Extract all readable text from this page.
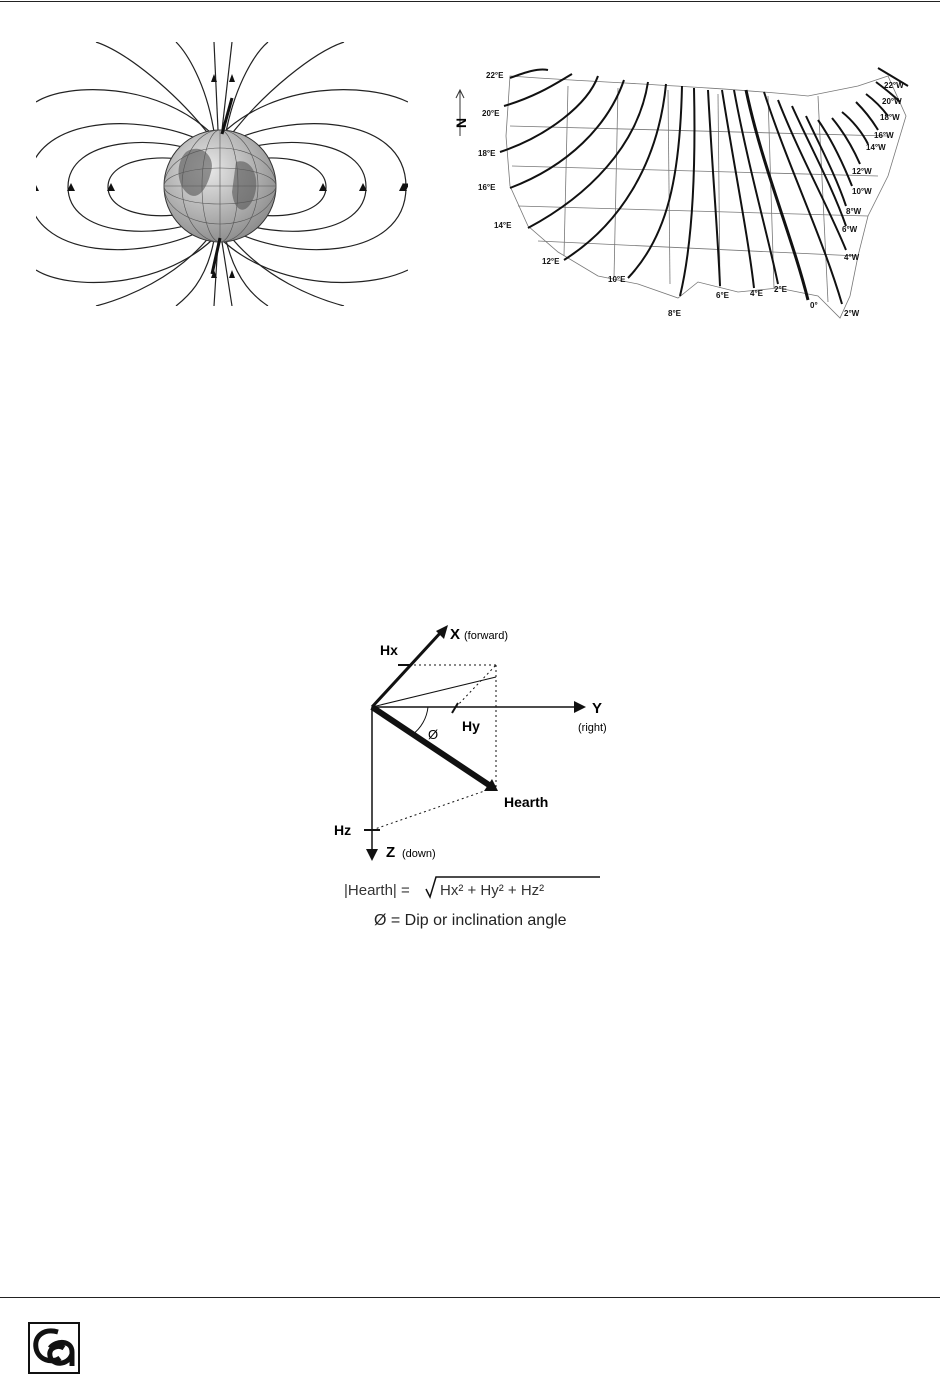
N
22°E
20°E
18°E
16°E
14°E
12°E
10°E
8°E
6°E	4°E 2°E
0°
2°W
4°W
6°W
8°W
10°W
12°W
14°W
16°W
18°W
20°W
22°W
X (forward)
Hx
Y
(right)
Hy
Ø
Hearth
Hz
Z (down)
|Hearth| = Hx² + Hy² + Hz²
Ø = Dip or inclination angle
